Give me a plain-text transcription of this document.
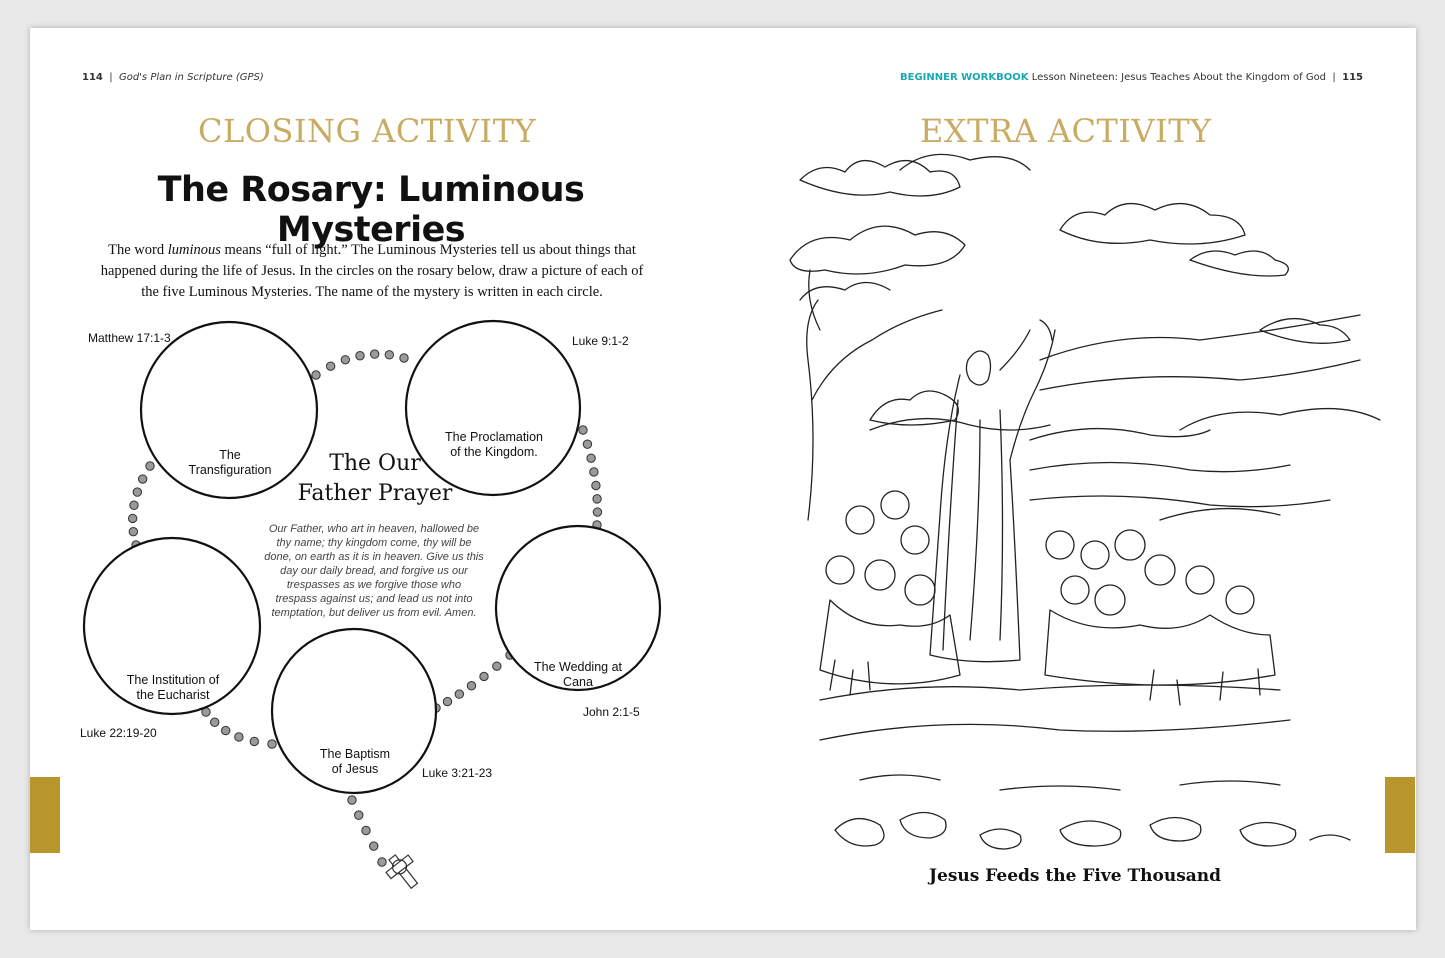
114  |  God's Plan in Scripture (GPS)	BEGINNER WORKBOOK Lesson Nineteen: Jesus Teaches About the Kingdom of God  |  115
CLOSING ACTIVITY	EXTRA ACTIVITY
The Rosary: Luminous Mysteries
The word luminous means “full of light.” The Luminous Mysteries tell us about things that happened during the life of Jesus. In the circles on the rosary below, draw a picture of each of the five Luminous Mysteries. The name of the mystery is written in each circle.
The
Transfiguration
The Proclamation
of the Kingdom.
The Wedding at
Cana
The Baptism
of Jesus
The Institution of
the Eucharist
Matthew 17:1-3	Luke 9:1-2
John 2:1-5
Luke 3:21-23
Luke 22:19-20
The Our
Father Prayer
Our Father, who art in heaven, hallowed be
thy name; thy kingdom come, thy will be
done, on earth as it is in heaven. Give us this
day our daily bread, and forgive us our
trespasses as we forgive those who
trespass against us; and lead us not into
temptation, but deliver us from evil. Amen.
Jesus Feeds the Five Thousand
